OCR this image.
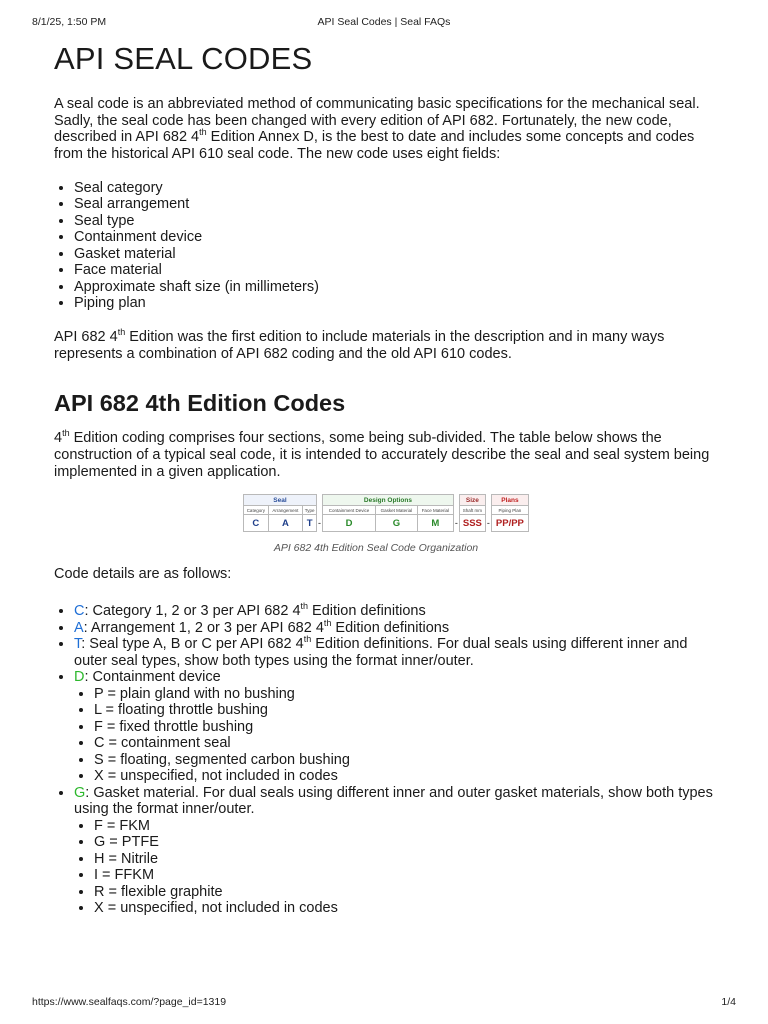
8/1/25, 1:50 PM	API Seal Codes | Seal FAQs
API SEAL CODES

A seal code is an abbreviated method of communicating basic specifications for the mechanical seal. Sadly, the seal code has been changed with every edition of API 682. Fortunately, the new code, described in API 682 4th Edition Annex D, is the best to date and includes some concepts and codes from the historical API 610 seal code. The new code uses eight fields:

• Seal category
• Seal arrangement
• Seal type
• Containment device
• Gasket material
• Face material
• Approximate shaft size (in millimeters)
• Piping plan

API 682 4th Edition was the first edition to include materials in the description and in many ways represents a combination of API 682 coding and the old API 610 codes.

API 682 4th Edition Codes

4th Edition coding comprises four sections, some being sub-divided. The table below shows the construction of a typical seal code, it is intended to accurately describe the seal and seal system being implemented in a given application.

Seal				Design Options				Size		Plans
Category	Arrangement	Type		Containment Device	Gasket Material	Face Material		Shaft mm		Piping Plan
C	A	T	-	D	G	M	-	SSS	-	PP/PP
API 682 4th Edition Seal Code Organization

Code details are as follows:

• C: Category 1, 2 or 3 per API 682 4th Edition definitions
• A: Arrangement 1, 2 or 3 per API 682 4th Edition definitions
• T: Seal type A, B or C per API 682 4th Edition definitions. For dual seals using different inner and outer seal types, show both types using the format inner/outer.
• D: Containment device
• P = plain gland with no bushing
• L = floating throttle bushing
• F = fixed throttle bushing
• C = containment seal
• S = floating, segmented carbon bushing
• X = unspecified, not included in codes
• G: Gasket material. For dual seals using different inner and outer gasket materials, show both types using the format inner/outer.
• F = FKM
• G = PTFE
• H = Nitrile
• I = FFKM
• R = flexible graphite
• X = unspecified, not included in codes
https://www.sealfaqs.com/?page_id=1319	1/4
